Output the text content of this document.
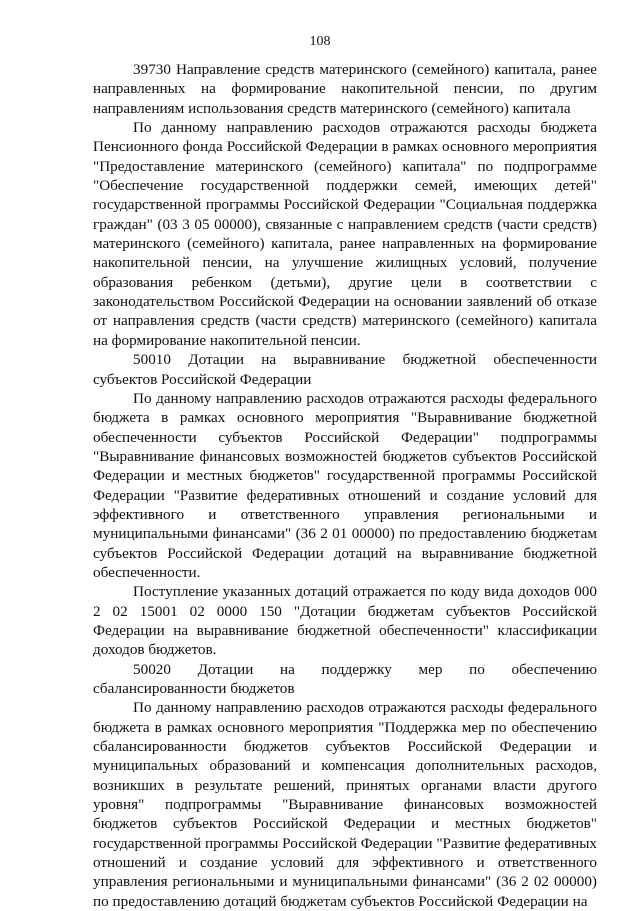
108

39730 Направление средств материнского (семейного) капитала, ранее направленных на формирование накопительной пенсии, по другим направлениям использования средств материнского (семейного) капитала

По данному направлению расходов отражаются расходы бюджета Пенсионного фонда Российской Федерации в рамках основного мероприятия "Предоставление материнского (семейного) капитала" по подпрограмме "Обеспечение государственной поддержки семей, имеющих детей" государственной программы Российской Федерации "Социальная поддержка граждан" (03 3 05 00000), связанные с направлением средств (части средств) материнского (семейного) капитала, ранее направленных на формирование накопительной пенсии, на улучшение жилищных условий, получение образования ребенком (детьми), другие цели в соответствии с законодательством Российской Федерации на основании заявлений об отказе от направления средств (части средств) материнского (семейного) капитала на формирование накопительной пенсии.

50010 Дотации на выравнивание бюджетной обеспеченности субъектов Российской Федерации

По данному направлению расходов отражаются расходы федерального бюджета в рамках основного мероприятия "Выравнивание бюджетной обеспеченности субъектов Российской Федерации" подпрограммы "Выравнивание финансовых возможностей бюджетов субъектов Российской Федерации и местных бюджетов" государственной программы Российской Федерации "Развитие федеративных отношений и создание условий для эффективного и ответственного управления региональными и муниципальными финансами" (36 2 01 00000) по предоставлению бюджетам субъектов Российской Федерации дотаций на выравнивание бюджетной обеспеченности.

Поступление указанных дотаций отражается по коду вида доходов 000 2 02 15001 02 0000 150 "Дотации бюджетам субъектов Российской Федерации на выравнивание бюджетной обеспеченности" классификации доходов бюджетов.

50020 Дотации на поддержку мер по обеспечению сбалансированности бюджетов

По данному направлению расходов отражаются расходы федерального бюджета в рамках основного мероприятия "Поддержка мер по обеспечению сбалансированности бюджетов субъектов Российской Федерации и муниципальных образований и компенсация дополнительных расходов, возникших в результате решений, принятых органами власти другого уровня" подпрограммы "Выравнивание финансовых возможностей бюджетов субъектов Российской Федерации и местных бюджетов" государственной программы Российской Федерации "Развитие федеративных отношений и создание условий для эффективного и ответственного управления региональными и муниципальными финансами" (36 2 02 00000) по предоставлению дотаций бюджетам субъектов Российской Федерации на
